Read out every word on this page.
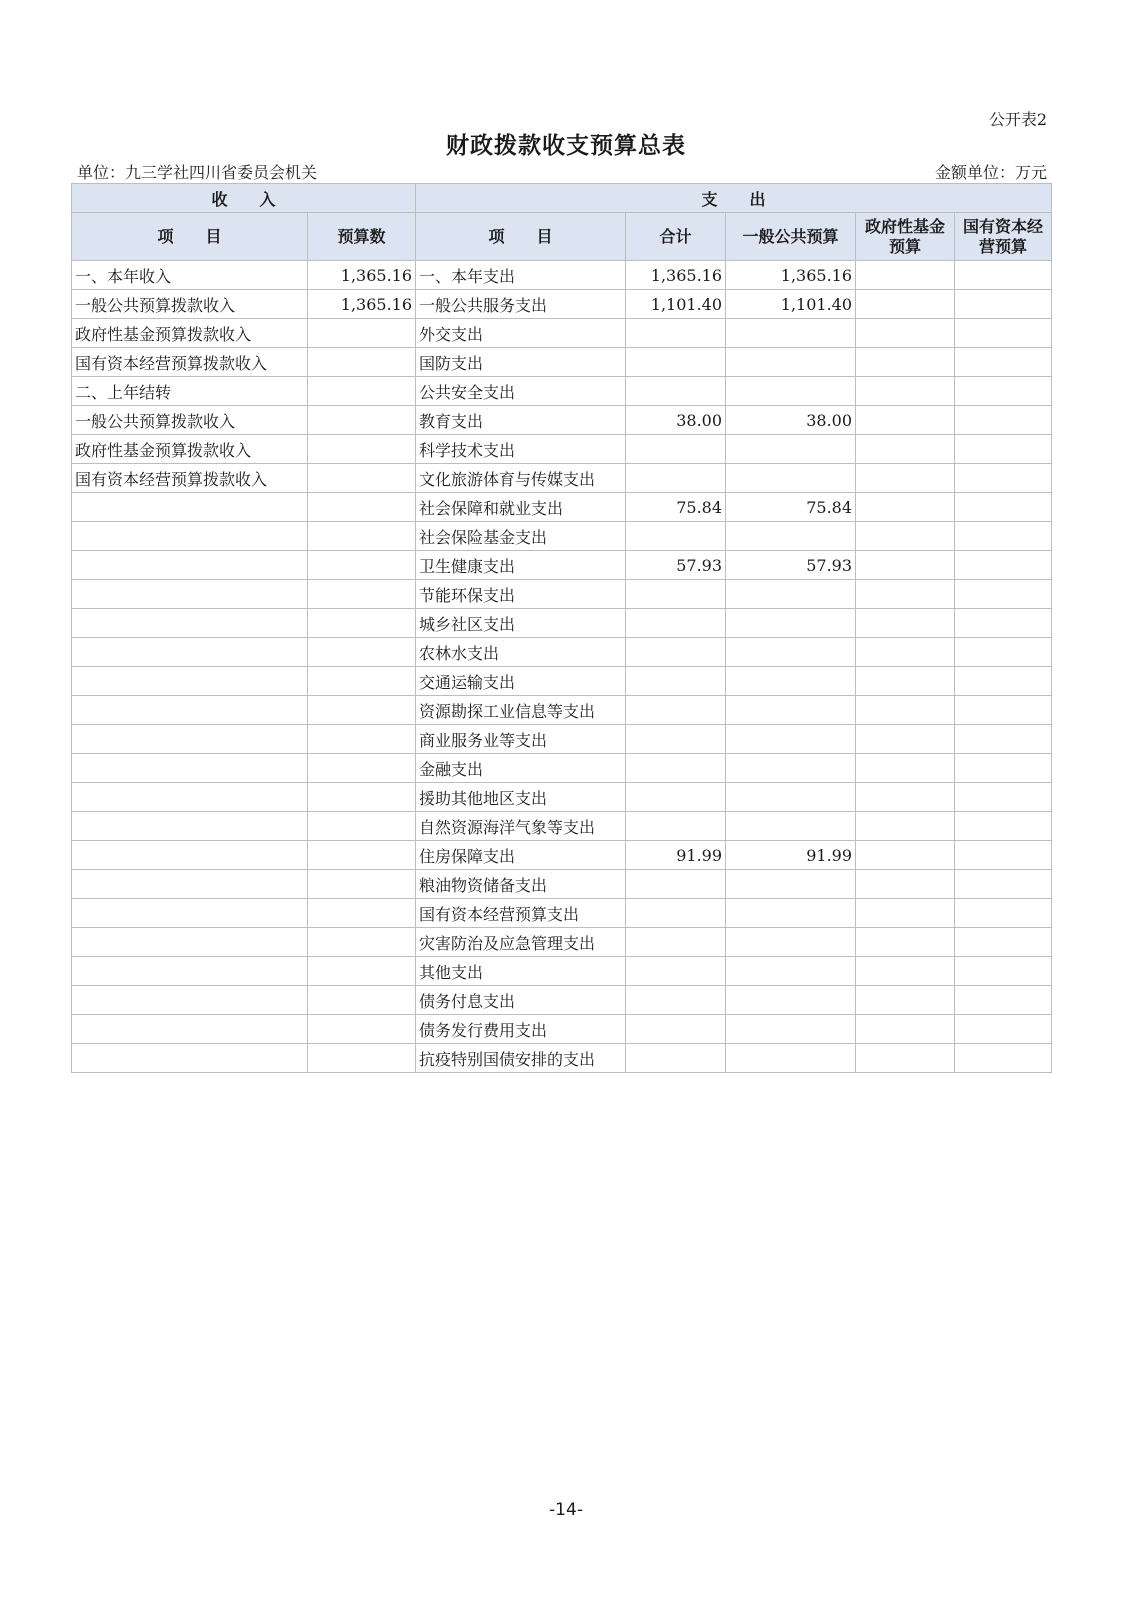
公开表2
财政拨款收支预算总表
单位：九三学社四川省委员会机关	金额单位：万元
收　　入		支　　出				
项　　目	预算数	项　　目	合计	一般公共预算	政府性基金预算	国有资本经营预算
一、本年收入	1,365.16	一、本年支出	1,365.16	1,365.16		
一般公共预算拨款收入	1,365.16	一般公共服务支出	1,101.40	1,101.40		
政府性基金预算拨款收入		外交支出				
国有资本经营预算拨款收入		国防支出				
二、上年结转		公共安全支出				
一般公共预算拨款收入		教育支出	38.00	38.00		
政府性基金预算拨款收入		科学技术支出				
国有资本经营预算拨款收入		文化旅游体育与传媒支出				
		社会保障和就业支出	75.84	75.84		
		社会保险基金支出				
		卫生健康支出	57.93	57.93		
		节能环保支出				
		城乡社区支出				
		农林水支出				
		交通运输支出				
		资源勘探工业信息等支出				
		商业服务业等支出				
		金融支出				
		援助其他地区支出				
		自然资源海洋气象等支出				
		住房保障支出	91.99	91.99		
		粮油物资储备支出				
		国有资本经营预算支出				
		灾害防治及应急管理支出				
		其他支出				
		债务付息支出				
		债务发行费用支出				
		抗疫特别国债安排的支出				
-14-
